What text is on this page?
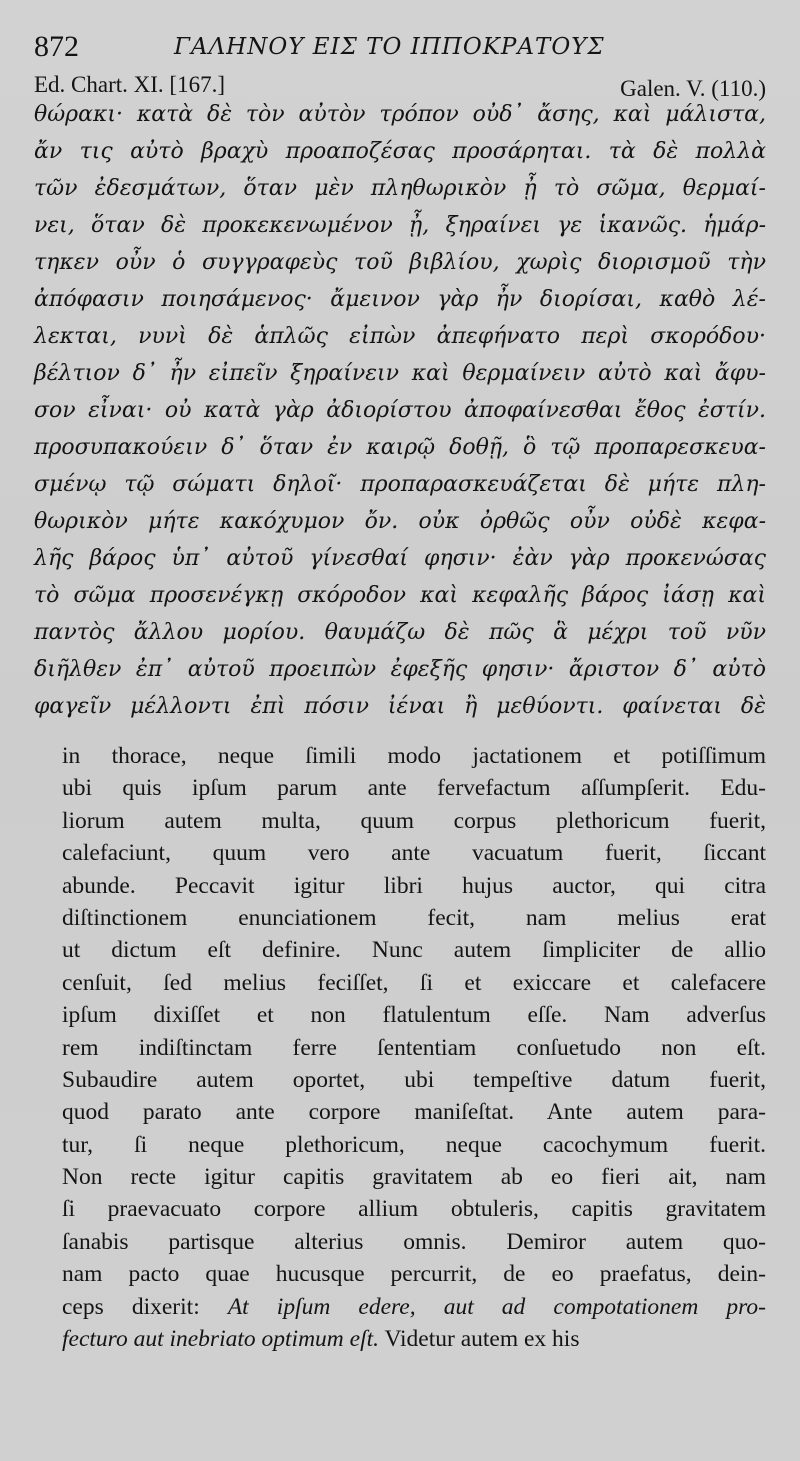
872	ΓΑΛΗΝΟΥ ΕΙΣ ΤΟ ΙΠΠΟΚΡΑΤΟΥΣ
Ed. Chart. XI. [167.]	Galen. V. (110.)
θώρακι· κατὰ δὲ τὸν αὐτὸν τρόπον οὐδ᾽ ἄσης, καὶ μάλιστα,
ἄν τις αὐτὸ βραχὺ προαποζέσας προσάρηται. τὰ δὲ πολλὰ
τῶν ἐδεσμάτων, ὅταν μὲν πληθωρικὸν ᾖ τὸ σῶμα, θερμαί-
νει, ὅταν δὲ προκεκενωμένον ᾖ, ξηραίνει γε ἱκανῶς. ἡμάρ-
τηκεν οὖν ὁ συγγραφεὺς τοῦ βιβλίου, χωρὶς διορισμοῦ τὴν
ἀπόφασιν ποιησάμενος· ἄμεινον γὰρ ἦν διορίσαι, καθὸ λέ-
λεκται, νυνὶ δὲ ἁπλῶς εἰπὼν ἀπεφήνατο περὶ σκορόδου·
βέλτιον δ᾽ ἦν εἰπεῖν ξηραίνειν καὶ θερμαίνειν αὐτὸ καὶ ἄφυ-
σον εἶναι· οὐ κατὰ γὰρ ἀδιορίστου ἀποφαίνεσθαι ἔθος ἐστίν.
προσυπακούειν δ᾽ ὅταν ἐν καιρῷ δοθῇ, ὃ τῷ προπαρεσκευα-
σμένῳ τῷ σώματι δηλοῖ· προπαρασκευάζεται δὲ μήτε πλη-
θωρικὸν μήτε κακόχυμον ὄν. οὐκ ὀρθῶς οὖν οὐδὲ κεφα-
λῆς βάρος ὑπ᾽ αὐτοῦ γίνεσθαί φησιν· ἐὰν γὰρ προκενώσας
τὸ σῶμα προσενέγκῃ σκόροδον καὶ κεφαλῆς βάρος ἰάσῃ καὶ
παντὸς ἄλλου μορίου. θαυμάζω δὲ πῶς ἃ μέχρι τοῦ νῦν
διῆλθεν ἐπ᾽ αὐτοῦ προειπὼν ἐφεξῆς φησιν· ἄριστον δ᾽ αὐτὸ
φαγεῖν μέλλοντι ἐπὶ πόσιν ἰέναι ἢ μεθύοντι. φαίνεται δὲ
in thorace, neque ſimili modo jactationem et potiſſimum
ubi quis ipſum parum ante fervefactum aſſumpſerit. Edu-
liorum autem multa, quum corpus plethoricum fuerit,
calefaciunt, quum vero ante vacuatum fuerit, ſiccant
abunde. Peccavit igitur libri hujus auctor, qui citra
diſtinctionem enunciationem fecit, nam melius erat
ut dictum eſt definire. Nunc autem ſimpliciter de allio
cenſuit, ſed melius feciſſet, ſi et exiccare et calefacere
ipſum dixiſſet et non flatulentum eſſe. Nam adverſus
rem indiſtinctam ferre ſententiam conſuetudo non eſt.
Subaudire autem oportet, ubi tempeſtive datum fuerit,
quod parato ante corpore maniſeſtat. Ante autem para-
tur, ſi neque plethoricum, neque cacochymum fuerit.
Non recte igitur capitis gravitatem ab eo fieri ait, nam
ſi praevacuato corpore allium obtuleris, capitis gravitatem
ſanabis partisque alterius omnis. Demiror autem quo-
nam pacto quae hucusque percurrit, de eo praefatus, dein-
ceps dixerit: At ipſum edere, aut ad compotationem pro-
fecturo aut inebriato optimum eſt. Videtur autem ex his
